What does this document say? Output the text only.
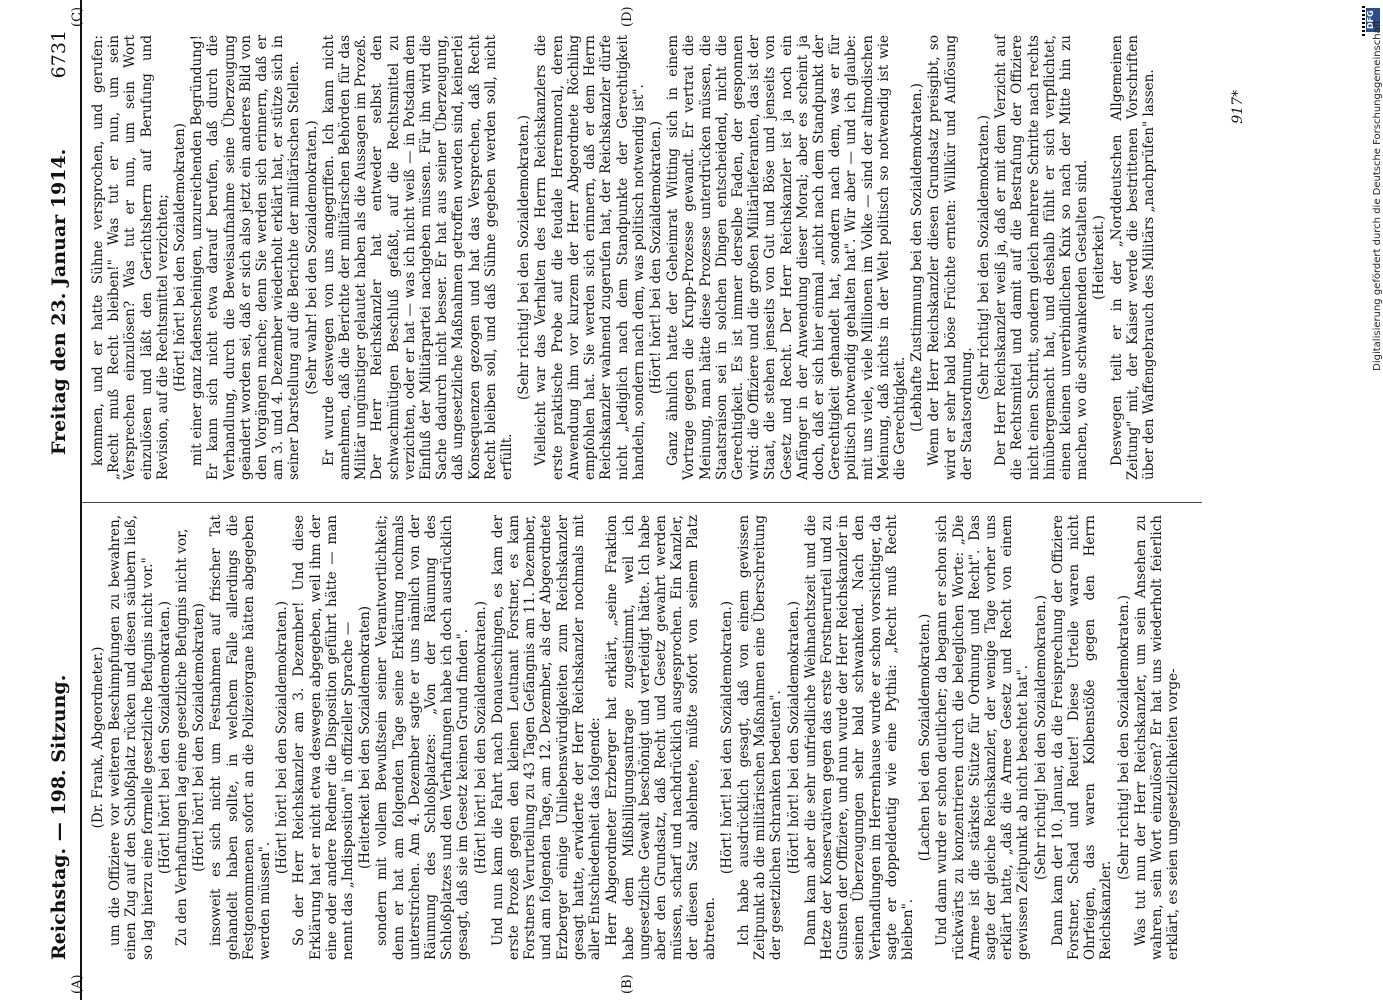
Reichstag. — 198. Sitzung.
Freitag den 23. Januar 1914.
6731
(A)	(B)
(C)	(D)

(Dr. Frank, Abgeordneter.) um die Offiziere vor weiteren Beschimpfungen zu bewahren, einen Zug auf den Schloßplatz rücken und diesen säubern ließ, so lag hierzu eine formelle gesetzliche Befugnis nicht vor." (Hört! hört! bei den Sozialdemokraten.) Zu den Verhaftungen lag eine gesetzliche Befugnis nicht vor, (Hört! hört! bei den Sozialdemokraten) insoweit es sich nicht um Festnahmen auf frischer Tat gehandelt haben sollte, in welchem Falle allerdings die Festgenommenen sofort an die Polizeiorgane hätten abgegeben werden müssen".

(Hört! hört! bei den Sozialdemokraten.) So der Herr Reichskanzler am 3. Dezember! Und diese Erklärung hat er nicht etwa deswegen abgegeben, weil ihm der eine oder andere Redner die Disposition geführt hätte — man nennt das „Indisposition" in offizieller Sprache — (Heiterkeit bei den Sozialdemokraten) sondern mit vollem Bewußtsein seiner Verantwortlichkeit; denn er hat am folgenden Tage seine Erklärung nochmals unterstrichen. Am 4. Dezember sagte er uns nämlich von der Räumung des Schloßplatzes: „Von der Räumung des Schloßplatzes und den Verhaftungen habe ich doch ausdrücklich gesagt, daß sie im Gesetz keinen Grund finden". (Hört! hört! bei den Sozialdemokraten.) Und nun kam die Fahrt nach Donaueschingen, es kam der erste Prozeß gegen den kleinen Leutnant Forstner, es kam Forstners Verurteilung zu 43 Tagen Gefängnis am 11. Dezember, und am folgenden Tage, am 12. Dezember, als der Abgeordnete Erzberger einige Unliebenswürdigkeiten zum Reichskanzler gesagt hatte, erwiderte der Herr Reichskanzler nochmals mit aller Entschiedenheit das folgende: Herr Abgeordneter Erzberger hat erklärt, „seine Fraktion habe dem Mißbilligungsantrage zugestimmt, weil ich ungesetzliche Gewalt beschönigt und verteidigt hätte. Ich habe aber den Grundsatz, daß Recht und Gesetz gewahrt werden müssen, scharf und nachdrücklich ausgesprochen. Ein Kanzler, der diesen Satz ablehnete, müßte sofort von seinem Platz abtreten.

(Hört! hört! bei den Sozialdemokraten.) Ich habe ausdrücklich gesagt, daß von einem gewissen Zeitpunkt ab die militärischen Maßnahmen eine Überschreitung der gesetzlichen Schranken bedeuten". (Hört! hört! bei den Sozialdemokraten.) Dann kam aber die sehr unfriedliche Weihnachtszeit und die Hetze der Konservativen gegen das erste Forstnerurteil und zu Gunsten der Offiziere, und nun wurde der Herr Reichskanzler in seinen Überzeugungen sehr bald schwankend. Nach den Verhandlungen im Herrenhause wurde er schon vorsichtiger, da sagte er doppeldeutig wie eine Pythia: „Recht muß Recht bleiben".

(Lachen bei den Sozialdemokraten.) Und dann wurde er schon deutlicher; da begann er schon sich rückwärts zu konzentrieren durch die beleglichen Worte: „Die Armee ist die stärkste Stütze für Ordnung und Recht". Das sagte der gleiche Reichskanzler, der wenige Tage vorher uns erklärt hatte, „daß die Armee Gesetz und Recht von einem gewissen Zeitpunkt ab nicht beachtet hat". (Sehr richtig! bei den Sozialdemokraten.) Dann kam der 10. Januar, da die Freisprechung der Offiziere Forstner, Schad und Reuter! Diese Urteile waren nicht Ohrfeigen, das waren Kolbenstöße gegen den Herrn Reichskanzler.

(Sehr richtig! bei den Sozialdemokraten.) Was tut nun der Herr Reichskanzler, um sein Ansehen zu wahren, sein Wort einzulösen? Er hat uns wiederholt feierlich erklärt, es seien ungesetzlichkeiten vorge-

kommen, und er hatte Sühne versprochen, und gerufen: „Recht muß Recht bleiben!" Was tut er nun, um sein Versprechen einzulösen? Was tut er nun, um sein Wort einzulösen und läßt den Gerichtsherrn auf Berufung und Revision, auf die Rechtsmittel verzichten; (Hört! hört! bei den Sozialdemokraten) mit einer ganz fadenscheinigen, unzureichenden Begründung! Er kann sich nicht etwa darauf berufen, daß durch die Verhandlung, durch die Beweisaufnahme seine Überzeugung geändert worden sei, daß er sich also jetzt ein anderes Bild von den Vorgängen mache; denn Sie werden sich erinnern, daß er am 3. und 4. Dezember wiederholt erklärt hat, er stütze sich in seiner Darstellung auf die Berichte der militärischen Stellen. (Sehr wahr! bei den Sozialdemokraten.) Er wurde deswegen von uns angegriffen. Ich kann nicht annehmen, daß die Berichte der militärischen Behörden für das Militär ungünstiger gelautet haben als die Aussagen im Prozeß. Der Herr Reichskanzler hat entweder selbst den schwachmütigen Beschluß gefaßt, auf die Rechtsmittel zu verzichten, oder er hat — was ich nicht weiß — in Potsdam dem Einfluß der Militärpartei nachgeben müssen. Für ihn wird die Sache dadurch nicht besser. Er hat aus seiner Überzeugung, daß ungesetzliche Maßnahmen getroffen worden sind, keinerlei Konsequenzen gezogen und hat das Versprechen, daß Recht Recht bleiben soll, und daß Sühne gegeben werden soll, nicht erfüllt.

(Sehr richtig! bei den Sozialdemokraten.) Vielleicht war das Verhalten des Herrn Reichskanzlers die erste praktische Probe auf die feudale Herrenmoral, deren Anwendung ihm vor kurzem der Herr Abgeordnete Röchling empfohlen hat. Sie werden sich erinnern, daß er dem Herrn Reichskanzler wahnend zugerufen hat, der Reichskanzler dürfe nicht „lediglich nach dem Standpunkte der Gerechtigkeit handeln, sondern nach dem, was politisch notwendig ist". (Hört! hört! bei den Sozialdemokraten.) Ganz ähnlich hatte der Geheimrat Witting sich in einem Vortrage gegen die Krupp-Prozesse gewandt. Er vertrat die Meinung, man hätte diese Prozesse unterdrücken müssen, die Staatsraison sei in solchen Dingen entscheidend, nicht die Gerechtigkeit. Es ist immer derselbe Faden, der gesponnen wird: die Offiziere und die großen Militärlieferanten, das ist der Staat, die stehen jenseits von Gut und Böse und jenseits von Gesetz und Recht. Der Herr Reichskanzler ist ja noch ein Anfänger in der Anwendung dieser Moral; aber es scheint ja doch, daß er sich hier einmal „nicht nach dem Standpunkt der Gerechtigkeit gehandelt hat, sondern nach dem, was er für politisch notwendig gehalten hat". Wir aber — und ich glaube: mit uns viele, viele Millionen im Volke — sind der altmodischen Meinung, daß nichts in der Welt politisch so notwendig ist wie die Gerechtigkeit. (Lebhafte Zustimmung bei den Sozialdemokraten.) Wenn der Herr Reichskanzler diesen Grundsatz preisgibt, so wird er sehr bald böse Früchte ernten: Willkür und Auflösung der Staatsordnung.

(Sehr richtig! bei den Sozialdemokraten.) Der Herr Reichskanzler weiß ja, daß er mit dem Verzicht auf die Rechtsmittel und damit auf die Bestrafung der Offiziere nicht einen Schritt, sondern gleich mehrere Schritte nach rechts hinübergemacht hat, und deshalb fühlt er sich verpflichtet, einen kleinen unverbindlichen Knix so nach der Mitte hin zu machen, wo die schwankenden Gestalten sind. (Heiterkeit.) Deswegen teilt er in der „Norddeutschen Allgemeinen Zeitung" mit, der Kaiser werde die bestrittenen Vorschriften über den Waffengebrauch des Militärs „nachprüfen" lassen.	917*
DFG
Digitalisierung gefördert durch die Deutsche Forschungsgemeinschaft
